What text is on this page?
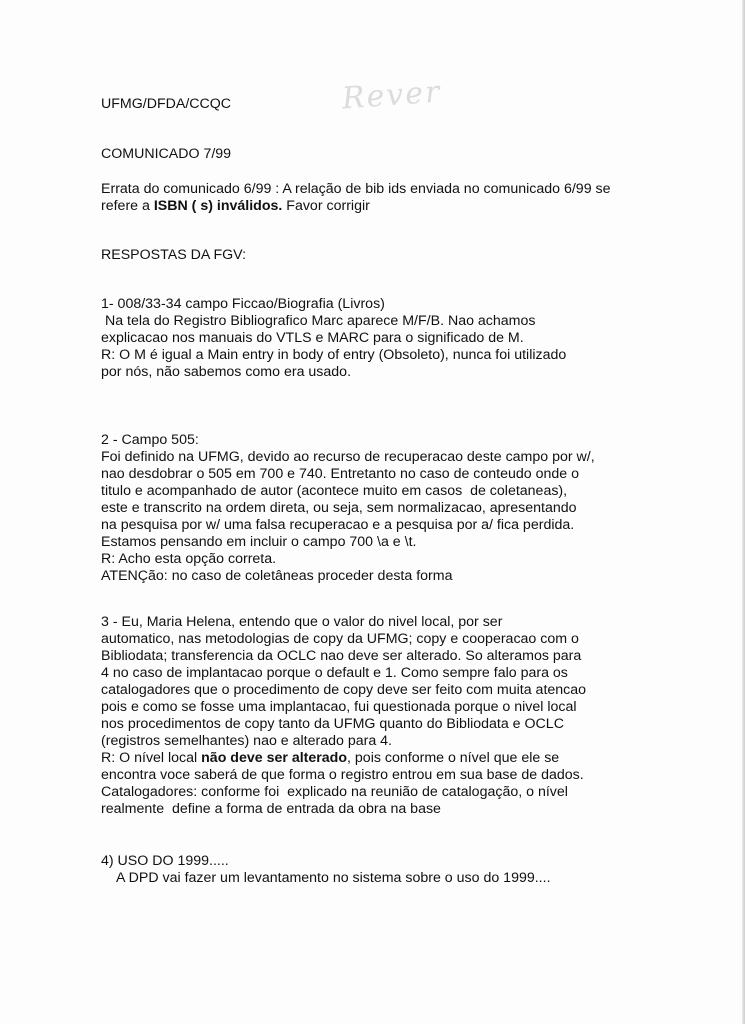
Rever

UFMG/DFDA/CCQC

COMUNICADO 7/99

Errata do comunicado 6/99 : A relação de bib ids enviada no comunicado 6/99 se

refere a ISBN ( s) inválidos. Favor corrigir

RESPOSTAS DA FGV:

1- 008/33-34 campo Ficcao/Biografia (Livros)

Na tela do Registro Bibliografico Marc aparece M/F/B. Nao achamos

explicacao nos manuais do VTLS e MARC para o significado de M.

R: O M é igual a Main entry in body of entry (Obsoleto), nunca foi utilizado

por nós, não sabemos como era usado.

2 - Campo 505:

Foi definido na UFMG, devido ao recurso de recuperacao deste campo por w/,

nao desdobrar o 505 em 700 e 740. Entretanto no caso de conteudo onde o

titulo e acompanhado de autor (acontece muito em casos  de coletaneas),

este e transcrito na ordem direta, ou seja, sem normalizacao, apresentando

na pesquisa por w/ uma falsa recuperacao e a pesquisa por a/ fica perdida.

Estamos pensando em incluir o campo 700 \a e \t.

R: Acho esta opção correta.

ATENÇão: no caso de coletâneas proceder desta forma

3 - Eu, Maria Helena, entendo que o valor do nivel local, por ser

automatico, nas metodologias de copy da UFMG; copy e cooperacao com o

Bibliodata; transferencia da OCLC nao deve ser alterado. So alteramos para

4 no caso de implantacao porque o default e 1. Como sempre falo para os

catalogadores que o procedimento de copy deve ser feito com muita atencao

pois e como se fosse uma implantacao, fui questionada porque o nivel local

nos procedimentos de copy tanto da UFMG quanto do Bibliodata e OCLC

(registros semelhantes) nao e alterado para 4.

R: O nível local não deve ser alterado, pois conforme o nível que ele se

encontra voce saberá de que forma o registro entrou em sua base de dados.

Catalogadores: conforme foi  explicado na reunião de catalogação, o nível

realmente  define a forma de entrada da obra na base

4) USO DO 1999.....

A DPD vai fazer um levantamento no sistema sobre o uso do 1999....
